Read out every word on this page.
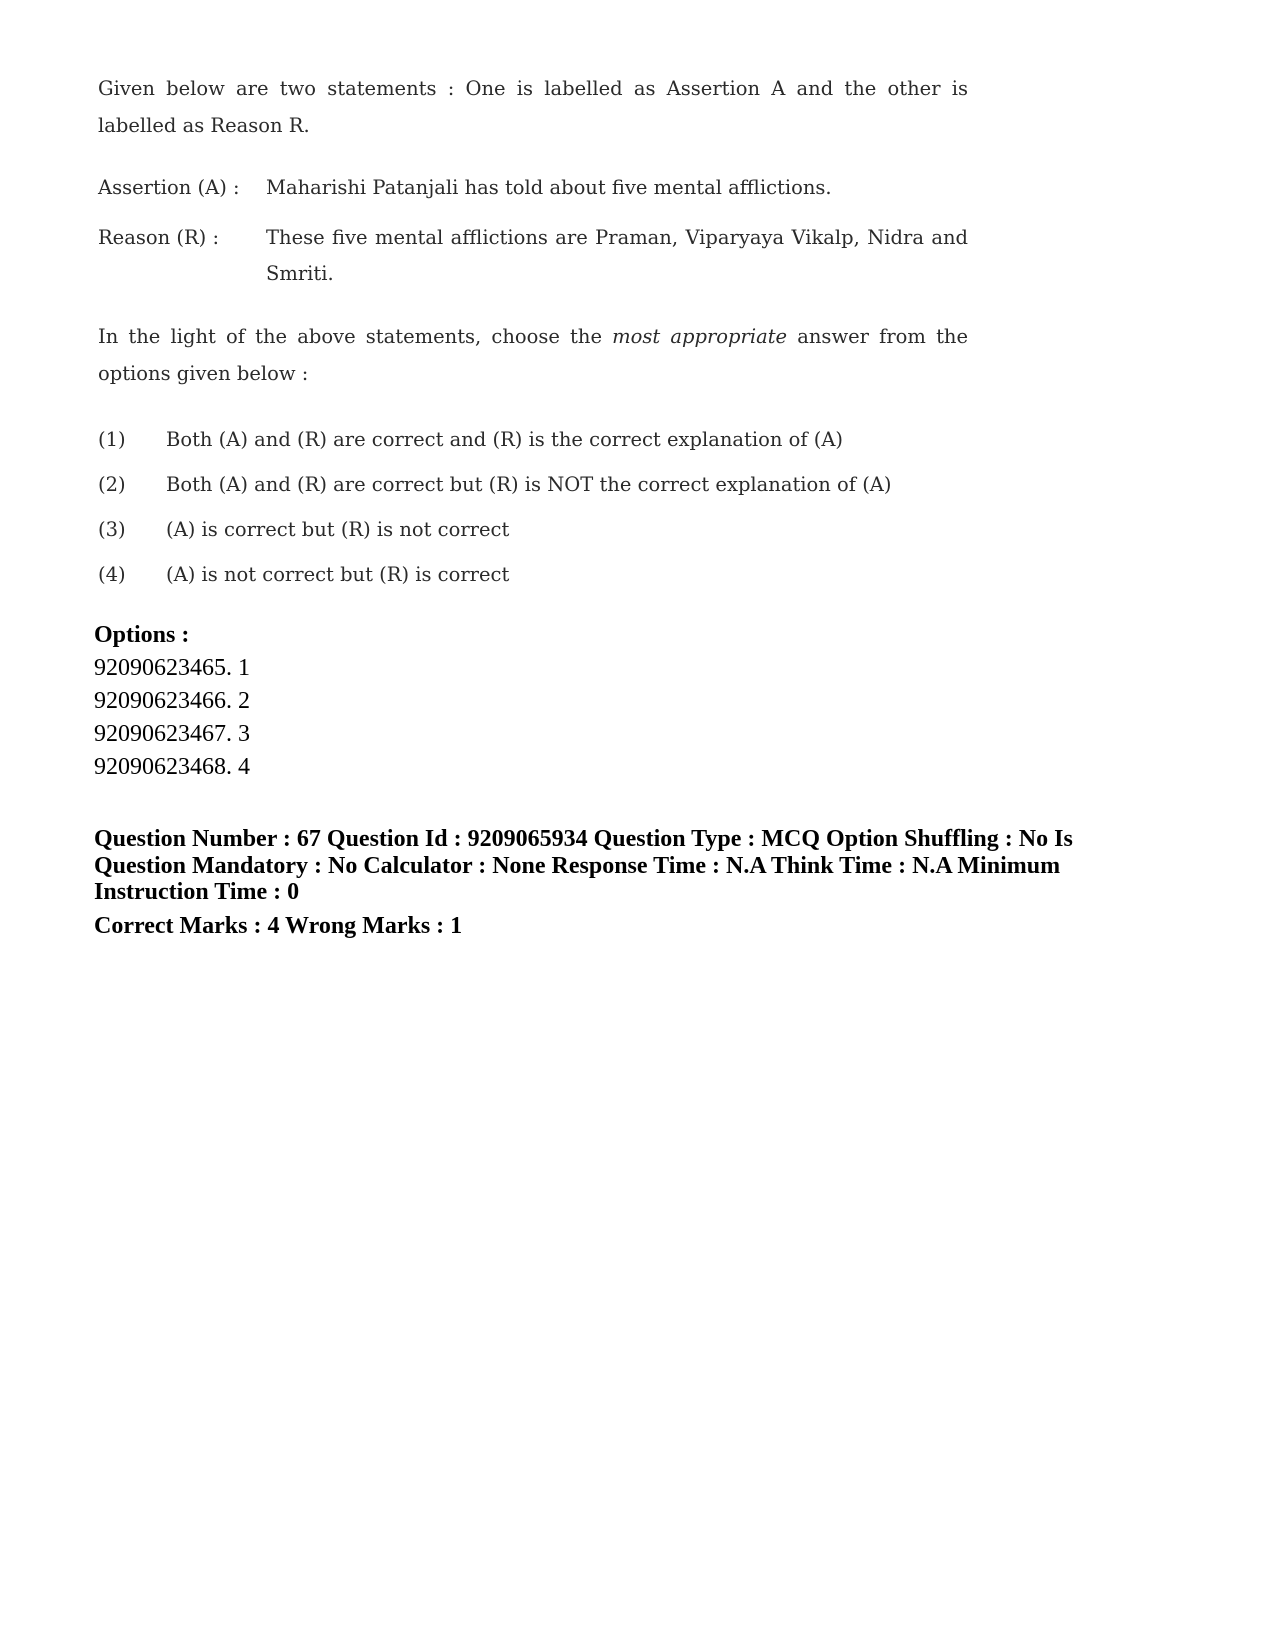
Given below are two statements : One is labelled as Assertion A and the other is labelled as Reason R.

Assertion (A) :	Maharishi Patanjali has told about five mental afflictions.
Reason (R) :	These five mental afflictions are Praman, Viparyaya Vikalp, Nidra and Smriti.

In the light of the above statements, choose the most appropriate answer from the options given below :

(1)	Both (A) and (R) are correct and (R) is the correct explanation of (A)
(2)	Both (A) and (R) are correct but (R) is NOT the correct explanation of (A)
(3)	(A) is correct but (R) is not correct
(4)	(A) is not correct but (R) is correct
Options :
92090623465. 1
92090623466. 2
92090623467. 3
92090623468. 4
Question Number : 67 Question Id : 9209065934 Question Type : MCQ Option Shuffling : No Is
Question Mandatory : No Calculator : None Response Time : N.A Think Time : N.A Minimum
Instruction Time : 0
Correct Marks : 4 Wrong Marks : 1
